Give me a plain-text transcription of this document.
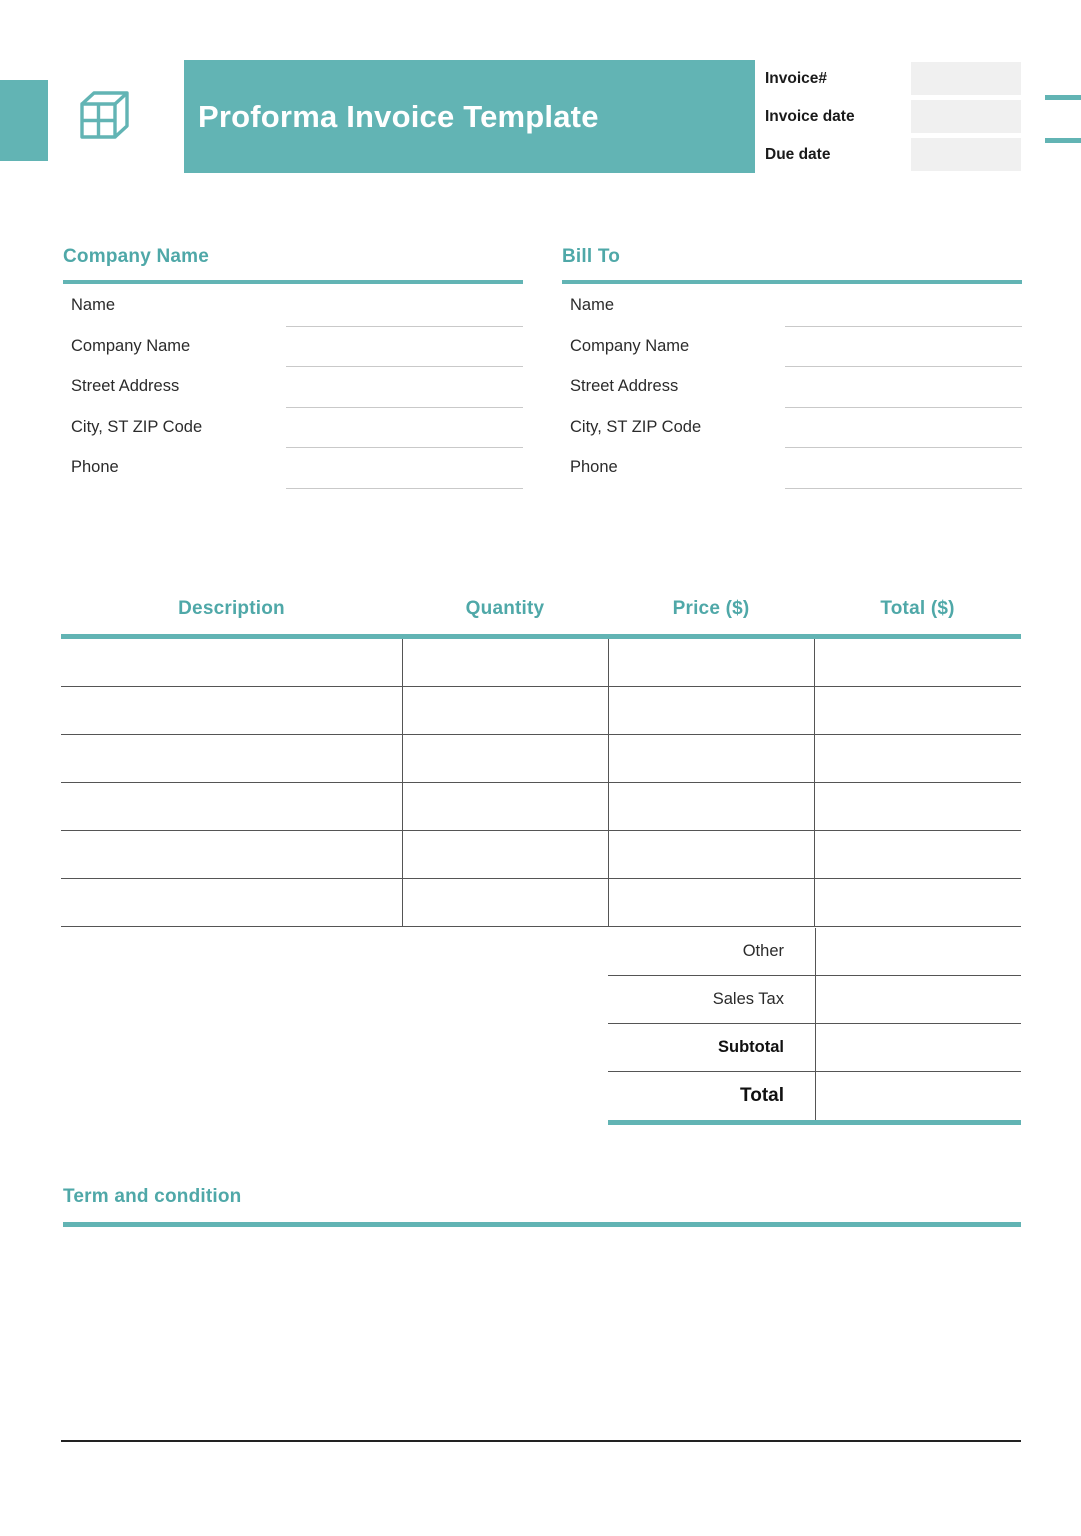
Proforma Invoice Template
Invoice#
Invoice date
Due date
Company Name
Name
Company Name
Street Address
City, ST ZIP Code
Phone
Bill To
Name
Company Name
Street Address
City, ST ZIP Code
Phone
Description	Quantity	Price ($)	Total ($)
Other
Sales Tax
Subtotal
Total
Term and condition
